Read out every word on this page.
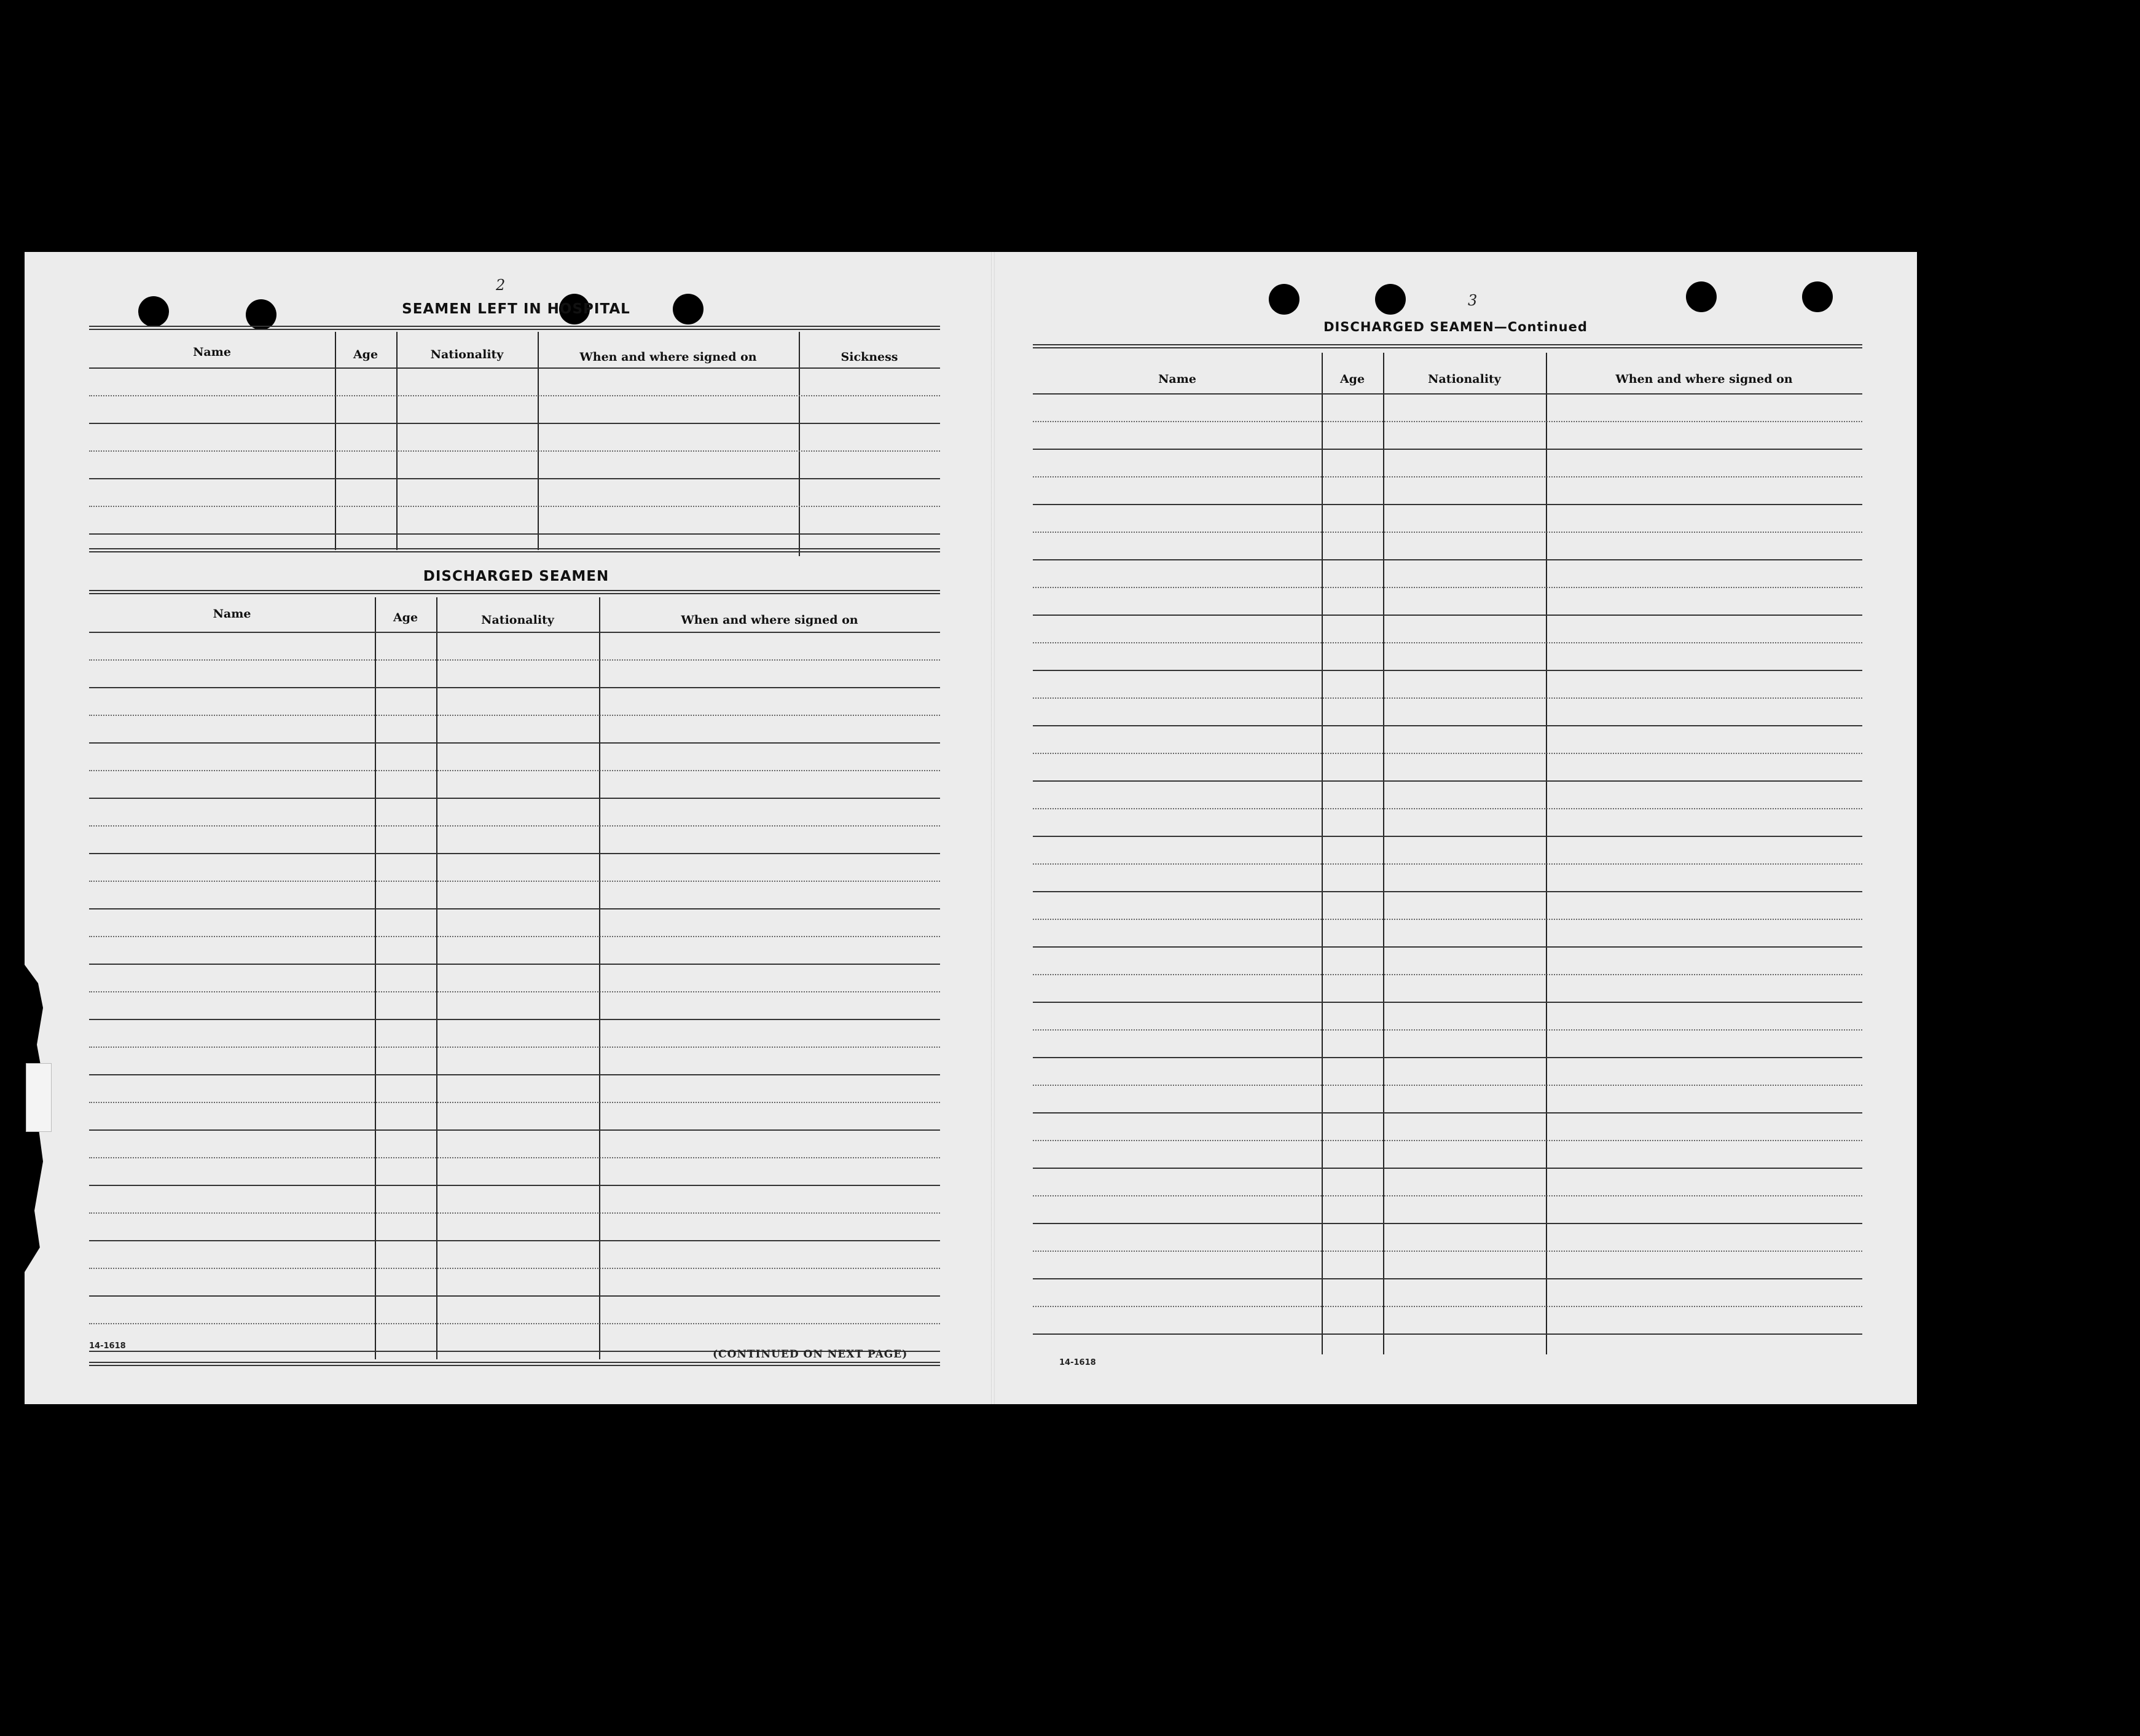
2
SEAMEN LEFT IN HOSPITAL
Name	Age	Nationality	When and where signed on	Sickness
DISCHARGED SEAMEN
Name	Age	Nationality	When and where signed on
14-1618
(CONTINUED ON NEXT PAGE)
3
DISCHARGED SEAMEN—Continued
Name	Age	Nationality	When and where signed on
14-1618
